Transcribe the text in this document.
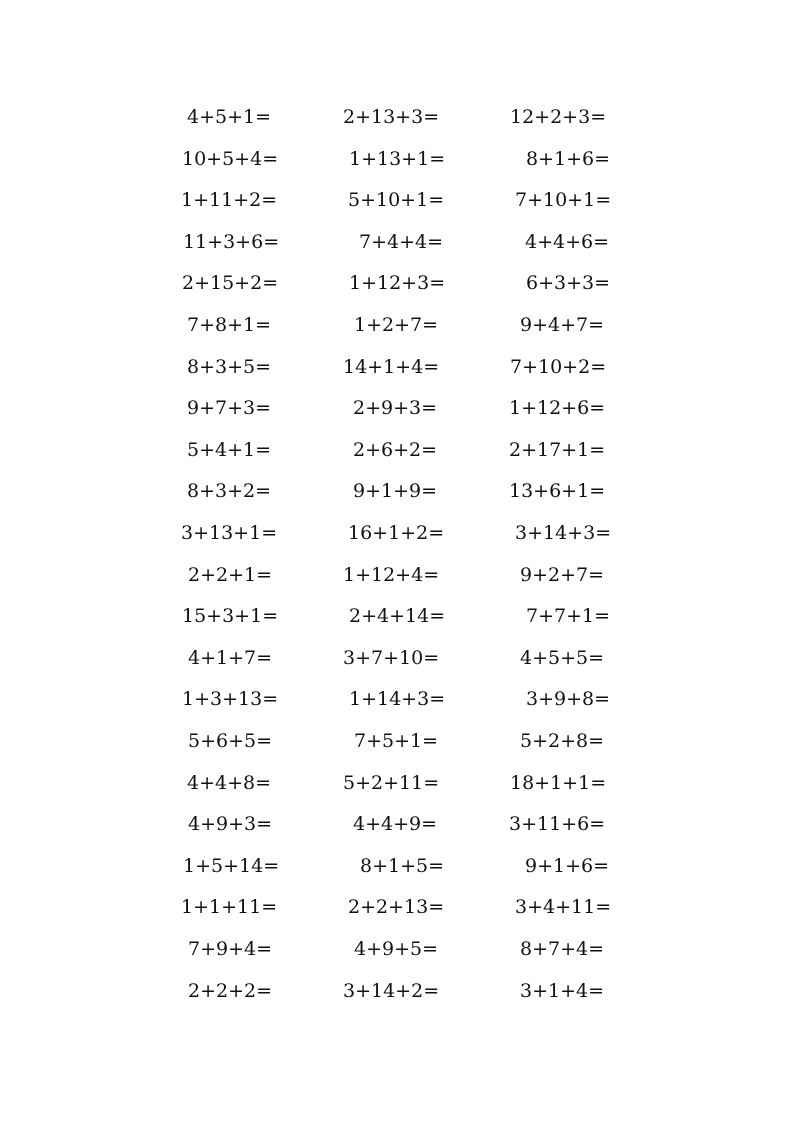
4+5+1=	2+13+3=	12+2+3=
10+5+4=	1+13+1=	8+1+6=
1+11+2=	5+10+1=	7+10+1=
11+3+6=	7+4+4=	4+4+6=
2+15+2=	1+12+3=	6+3+3=
7+8+1=	1+2+7=	9+4+7=
8+3+5=	14+1+4=	7+10+2=
9+7+3=	2+9+3=	1+12+6=
5+4+1=	2+6+2=	2+17+1=
8+3+2=	9+1+9=	13+6+1=
3+13+1=	16+1+2=	3+14+3=
2+2+1=	1+12+4=	9+2+7=
15+3+1=	2+4+14=	7+7+1=
4+1+7=	3+7+10=	4+5+5=
1+3+13=	1+14+3=	3+9+8=
5+6+5=	7+5+1=	5+2+8=
4+4+8=	5+2+11=	18+1+1=
4+9+3=	4+4+9=	3+11+6=
1+5+14=	8+1+5=	9+1+6=
1+1+11=	2+2+13=	3+4+11=
7+9+4=	4+9+5=	8+7+4=
2+2+2=	3+14+2=	3+1+4=
